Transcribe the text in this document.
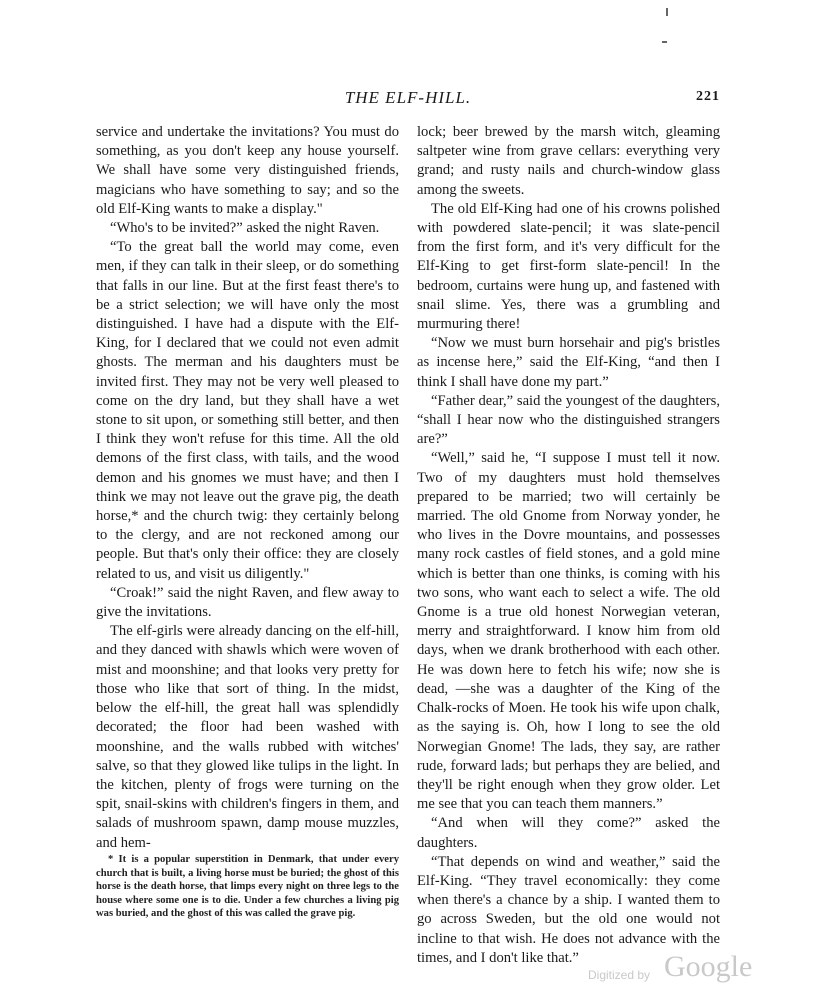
THE ELF-HILL.	221

service and undertake the invitations? You must do something, as you don't keep any house yourself. We shall have some very distinguished friends, magicians who have something to say; and so the old Elf-King wants to make a display."

“Who's to be invited?” asked the night Raven.

“To the great ball the world may come, even men, if they can talk in their sleep, or do something that falls in our line. But at the first feast there's to be a strict selection; we will have only the most distinguished. I have had a dispute with the Elf-King, for I declared that we could not even admit ghosts. The merman and his daughters must be invited first. They may not be very well pleased to come on the dry land, but they shall have a wet stone to sit upon, or something still better, and then I think they won't refuse for this time. All the old demons of the first class, with tails, and the wood demon and his gnomes we must have; and then I think we may not leave out the grave pig, the death horse,* and the church twig: they certainly belong to the clergy, and are not reckoned among our people. But that's only their office: they are closely related to us, and visit us diligently."

“Croak!” said the night Raven, and flew away to give the invitations.

The elf-girls were already dancing on the elf-hill, and they danced with shawls which were woven of mist and moonshine; and that looks very pretty for those who like that sort of thing. In the midst, below the elf-hill, the great hall was splendidly decorated; the floor had been washed with moonshine, and the walls rubbed with witches' salve, so that they glowed like tulips in the light. In the kitchen, plenty of frogs were turning on the spit, snail-skins with children's fingers in them, and salads of mushroom spawn, damp mouse muzzles, and hem-

* It is a popular superstition in Denmark, that under every church that is built, a living horse must be buried; the ghost of this horse is the death horse, that limps every night on three legs to the house where some one is to die. Under a few churches a living pig was buried, and the ghost of this was called the grave pig.

lock; beer brewed by the marsh witch, gleaming saltpeter wine from grave cellars: everything very grand; and rusty nails and church-window glass among the sweets.

The old Elf-King had one of his crowns polished with powdered slate-pencil; it was slate-pencil from the first form, and it's very difficult for the Elf-King to get first-form slate-pencil! In the bedroom, curtains were hung up, and fastened with snail slime. Yes, there was a grumbling and murmuring there!

“Now we must burn horsehair and pig's bristles as incense here,” said the Elf-King, “and then I think I shall have done my part.”

“Father dear,” said the youngest of the daughters, “shall I hear now who the distinguished strangers are?”

“Well,” said he, “I suppose I must tell it now. Two of my daughters must hold themselves prepared to be married; two will certainly be married. The old Gnome from Norway yonder, he who lives in the Dovre mountains, and possesses many rock castles of field stones, and a gold mine which is better than one thinks, is coming with his two sons, who want each to select a wife. The old Gnome is a true old honest Norwegian veteran, merry and straightforward. I know him from old days, when we drank brotherhood with each other. He was down here to fetch his wife; now she is dead, —she was a daughter of the King of the Chalk-rocks of Moen. He took his wife upon chalk, as the saying is. Oh, how I long to see the old Norwegian Gnome! The lads, they say, are rather rude, forward lads; but perhaps they are belied, and they'll be right enough when they grow older. Let me see that you can teach them manners.”

“And when will they come?” asked the daughters.

“That depends on wind and weather,” said the Elf-King. “They travel economically: they come when there's a chance by a ship. I wanted them to go across Sweden, but the old one would not incline to that wish. He does not advance with the times, and I don't like that.”

Digitized by Google
